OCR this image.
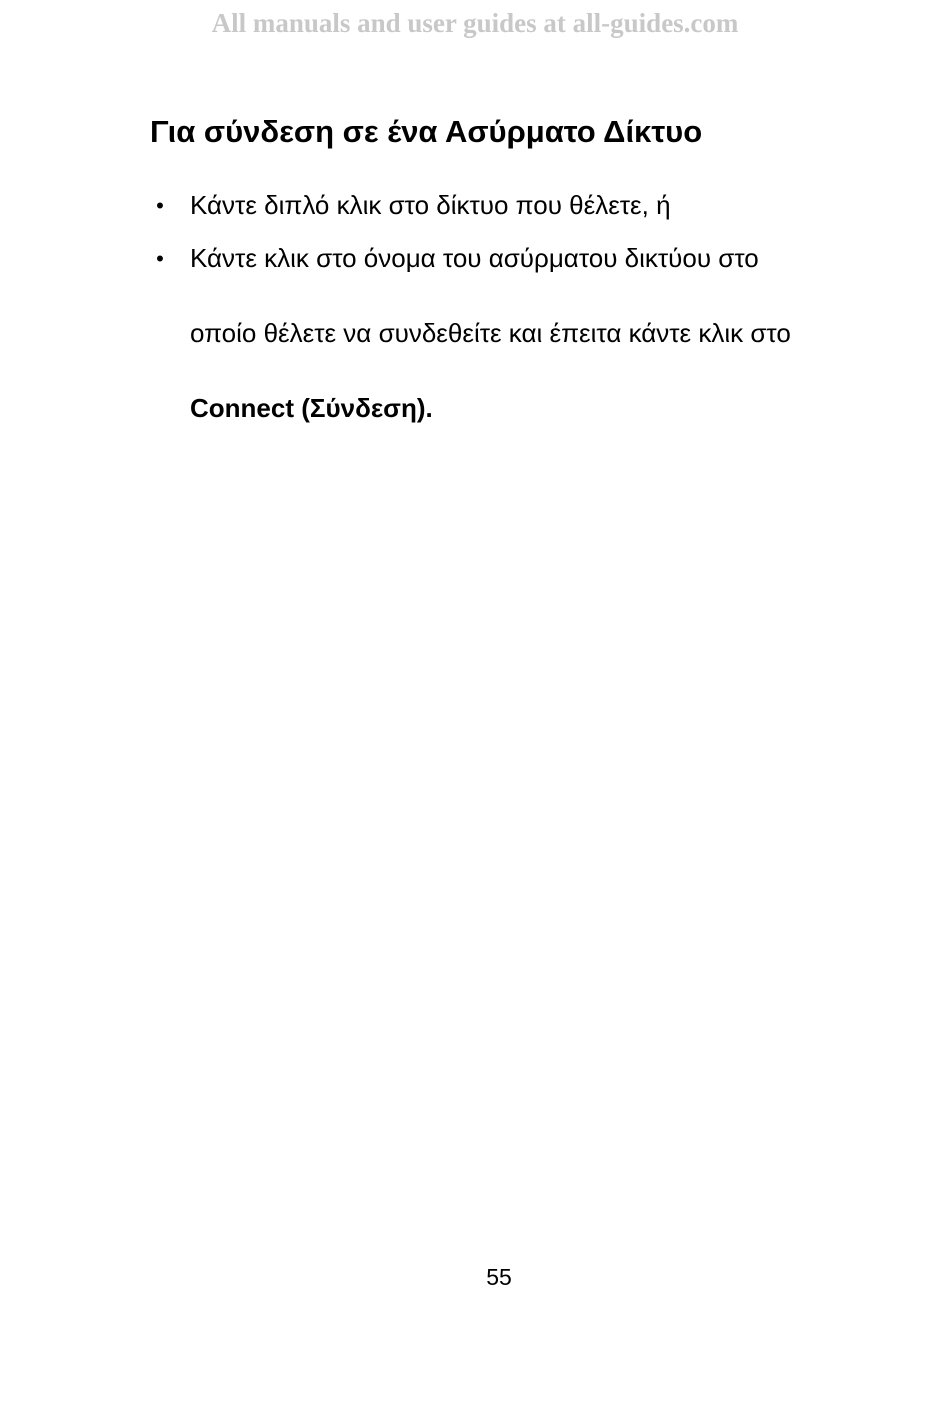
All manuals and user guides at all-guides.com
Για σύνδεση σε ένα Ασύρματο Δίκτυο
• Κάντε διπλό κλικ στο δίκτυο που θέλετε, ή
• Κάντε κλικ στο όνομα του ασύρματου δικτύου στο
οποίο θέλετε να συνδεθείτε και έπειτα κάντε κλικ στο
Connect (Σύνδεση).
55
